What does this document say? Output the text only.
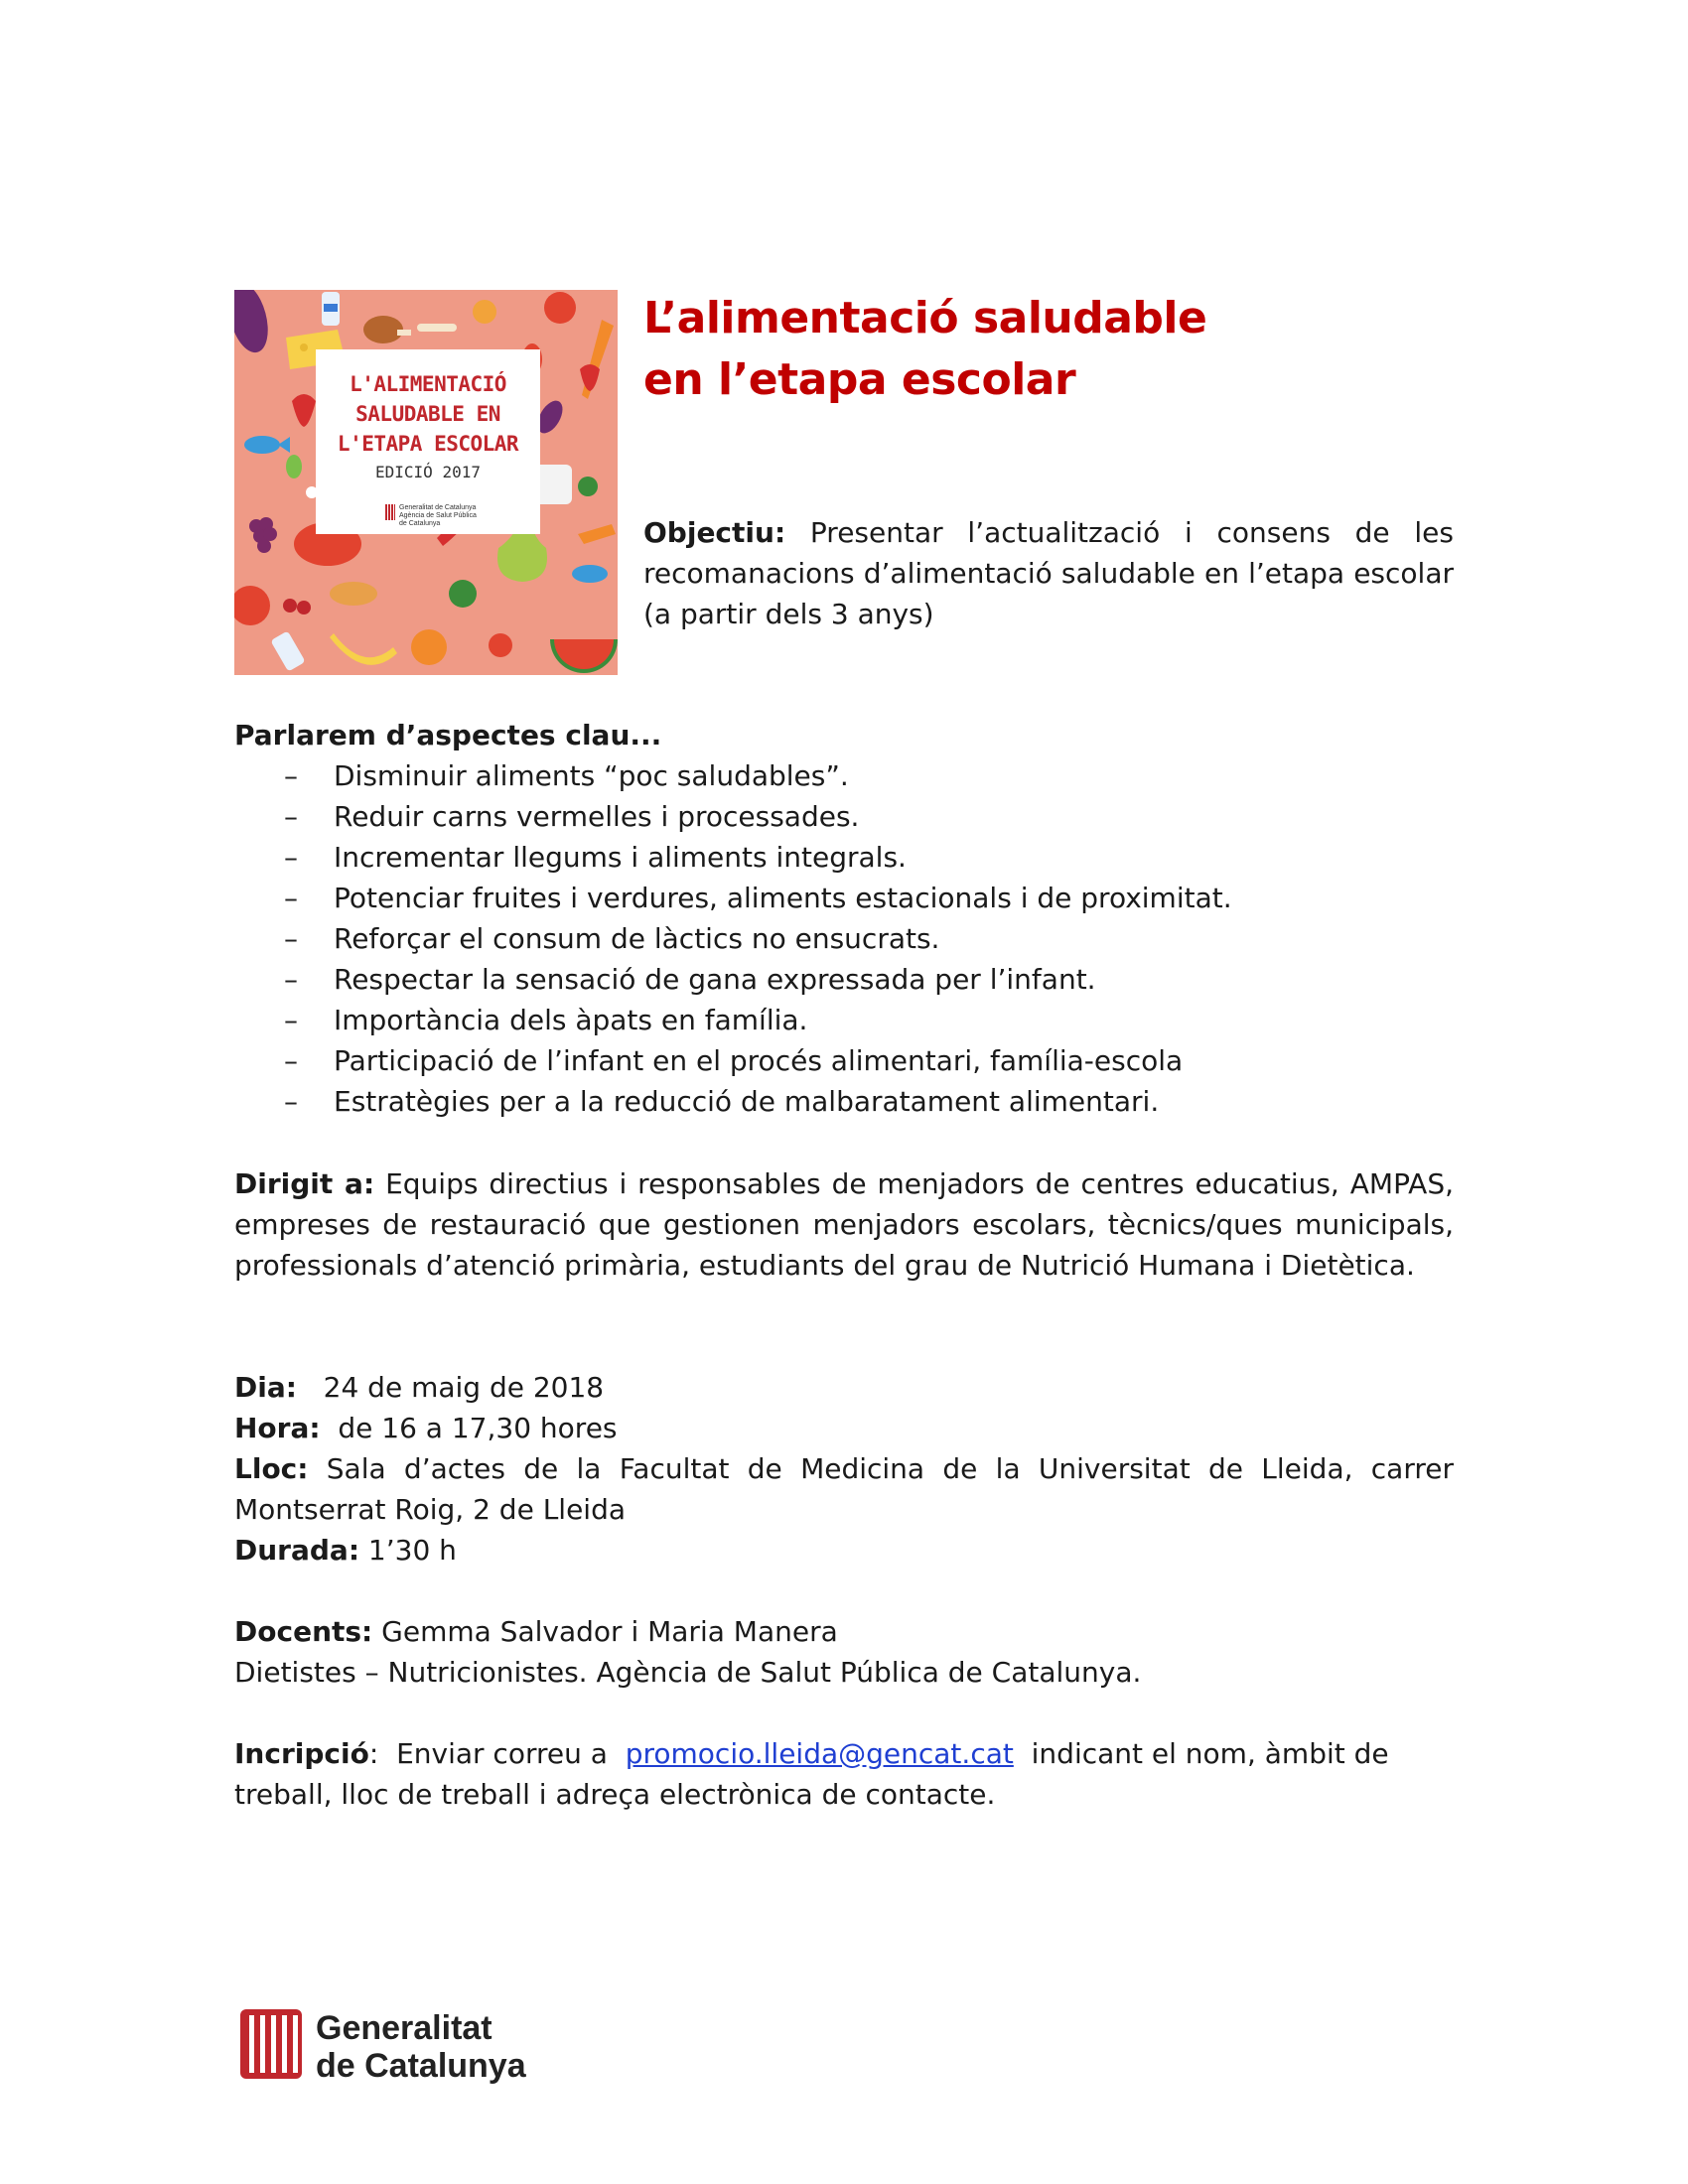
L'ALIMENTACIÓ
SALUDABLE EN
L'ETAPA ESCOLAR
EDICIÓ 2017
Generalitat de Catalunya
Agència de Salut Pública
de Catalunya
L’alimentació saludable
en l’etapa escolar
Objectiu: Presentar l’actualització i consens de les recomanacions d’alimentació saludable en l’etapa escolar (a partir dels 3 anys)
Parlarem d’aspectes clau...
– Disminuir aliments “poc saludables”.
– Reduir carns vermelles i processades.
– Incrementar llegums i aliments integrals.
– Potenciar fruites i verdures, aliments estacionals i de proximitat.
– Reforçar el consum de làctics no ensucrats.
– Respectar la sensació de gana expressada per l’infant.
– Importància dels àpats en família.
– Participació de l’infant en el procés alimentari, família-escola
– Estratègies per a la reducció de malbaratament alimentari.
Dirigit a: Equips directius i responsables de menjadors de centres educatius, AMPAS, empreses de restauració que gestionen menjadors escolars, tècnics/ques municipals, professionals d’atenció primària, estudiants del grau de Nutrició Humana i Dietètica.
Dia:   24 de maig de 2018
Hora:  de 16 a 17,30 hores
Lloc: Sala d’actes de la Facultat de Medicina de la Universitat de Lleida, carrer Montserrat Roig, 2 de Lleida
Durada: 1’30 h
Docents: Gemma Salvador i Maria Manera
Dietistes – Nutricionistes. Agència de Salut Pública de Catalunya.
Incripció:  Enviar correu a  promocio.lleida@gencat.cat  indicant el nom, àmbit de treball, lloc de treball i adreça electrònica de contacte.
Generalitat
de Catalunya
